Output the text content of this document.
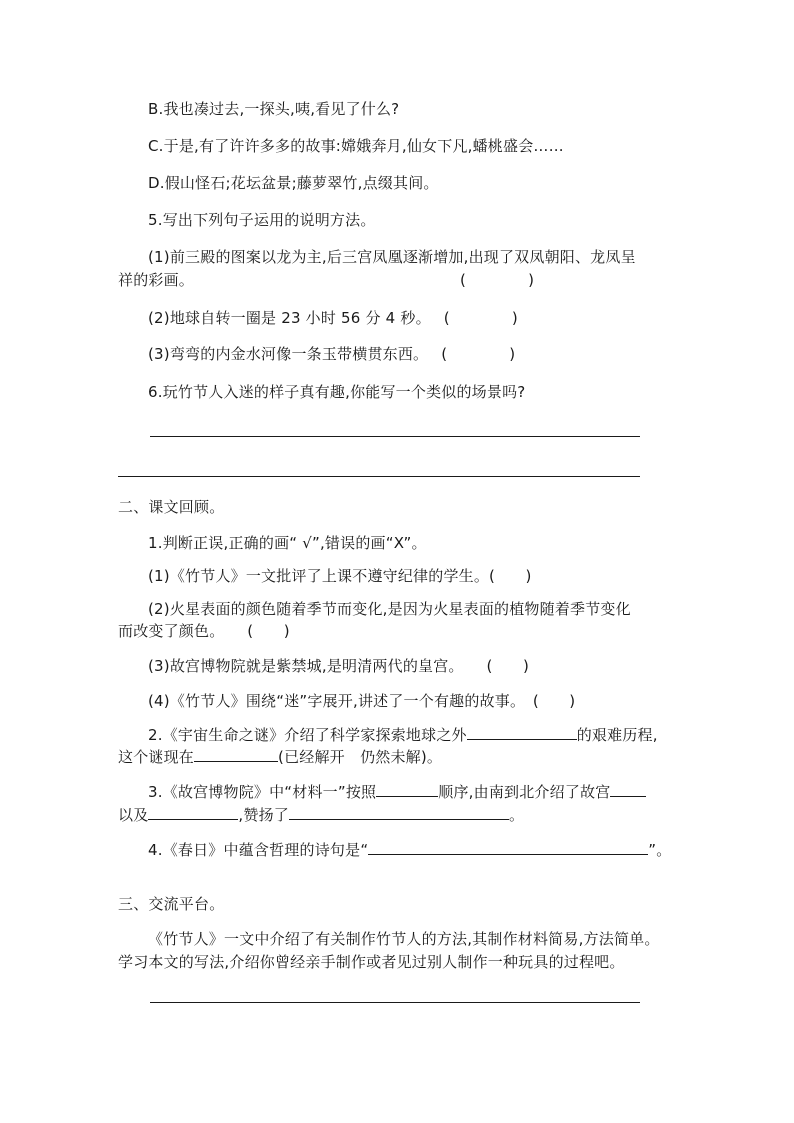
B.我也凑过去,一探头,咦,看见了什么?
C.于是,有了许许多多的故事:嫦娥奔月,仙女下凡,蟠桃盛会……
D.假山怪石;花坛盆景;藤萝翠竹,点缀其间。
5.写出下列句子运用的说明方法。
(1)前三殿的图案以龙为主,后三宫凤凰逐渐增加,出现了双凤朝阳、龙凤呈
祥的彩画。	(	)
(2)地球自转一圈是 23 小时 56 分 4 秒。 (	)
(3)弯弯的内金水河像一条玉带横贯东西。 (	)
6.玩竹节人入迷的样子真有趣,你能写一个类似的场景吗?
二、课文回顾。
1.判断正误,正确的画“ √”,错误的画“X”。
(1)《竹节人》一文批评了上课不遵守纪律的学生。(　　)
(2)火星表面的颜色随着季节而变化,是因为火星表面的植物随着季节变化
而改变了颜色。　　(　　)
(3)故宫博物院就是紫禁城,是明清两代的皇宫。　　(　　)
(4)《竹节人》围绕“迷”字展开,讲述了一个有趣的故事。　(　　)
2.《宇宙生命之谜》介绍了科学家探索地球之外	的艰难历程,
这个谜现在	(已经解开　仍然未解)。
3.《故宫博物院》中“材料一”按照	顺序,由南到北介绍了故宫
以及	,赞扬了	。
4.《春日》中蕴含哲理的诗句是“	”。
三、交流平台。
《竹节人》一文中介绍了有关制作竹节人的方法,其制作材料简易,方法简单。
学习本文的写法,介绍你曾经亲手制作或者见过别人制作一种玩具的过程吧。
